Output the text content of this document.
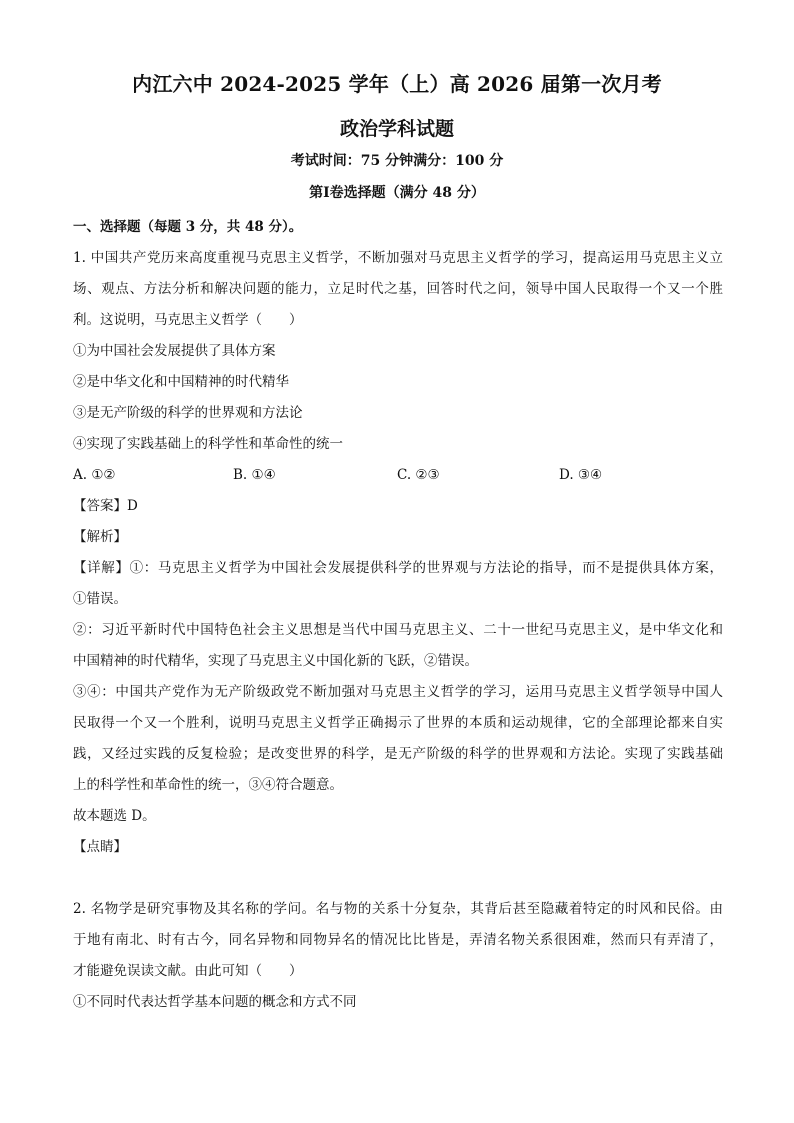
内江六中 2024-2025 学年（上）高 2026 届第一次月考
政治学科试题
考试时间：75 分钟满分：100 分
第Ⅰ卷选择题（满分 48 分）
一、选择题（每题 3 分，共 48 分）。
1. 中国共产党历来高度重视马克思主义哲学，不断加强对马克思主义哲学的学习，提高运用马克思主义立
场、观点、方法分析和解决问题的能力，立足时代之基，回答时代之问，领导中国人民取得一个又一个胜
利。这说明，马克思主义哲学（　　）
①为中国社会发展提供了具体方案
②是中华文化和中国精神的时代精华
③是无产阶级的科学的世界观和方法论
④实现了实践基础上的科学性和革命性的统一
A. ①②	B. ①④	C. ②③	D. ③④
【答案】D
【解析】
【详解】①：马克思主义哲学为中国社会发展提供科学的世界观与方法论的指导，而不是提供具体方案，
①错误。
②：习近平新时代中国特色社会主义思想是当代中国马克思主义、二十一世纪马克思主义，是中华文化和
中国精神的时代精华，实现了马克思主义中国化新的飞跃，②错误。
③④：中国共产党作为无产阶级政党不断加强对马克思主义哲学的学习，运用马克思主义哲学领导中国人
民取得一个又一个胜利，说明马克思主义哲学正确揭示了世界的本质和运动规律，它的全部理论都来自实
践，又经过实践的反复检验；是改变世界的科学，是无产阶级的科学的世界观和方法论。实现了实践基础
上的科学性和革命性的统一，③④符合题意。
故本题选 D。
【点睛】
2. 名物学是研究事物及其名称的学问。名与物的关系十分复杂，其背后甚至隐藏着特定的时风和民俗。由
于地有南北、时有古今，同名异物和同物异名的情况比比皆是，弄清名物关系很困难，然而只有弄清了，
才能避免误读文献。由此可知（　　）
①不同时代表达哲学基本问题的概念和方式不同
